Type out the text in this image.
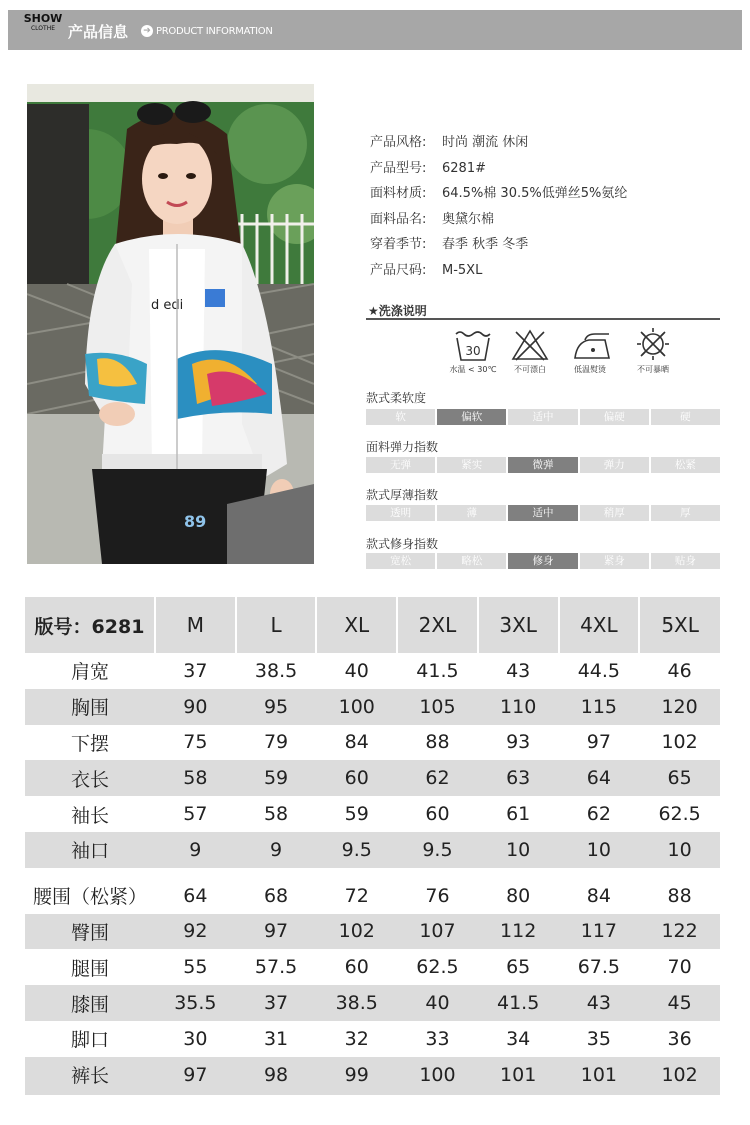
SHOW
CLOTHE 产品信息 ➔ PRODUCT INFORMATION
d edi
89
产品风格: 时尚 潮流 休闲
产品型号: 6281#
面料材质: 64.5%棉 30.5%低弹丝5%氨纶
面料品名: 奥黛尔棉
穿着季节: 春季 秋季 冬季
产品尺码: M-5XL
★洗涤说明
30
水温 < 30℃	不可漂白	低温熨烫	不可暴晒
款式柔软度
软	偏软	适中	偏硬	硬
面料弹力指数
无弹	紧实	微弹	弹力	松紧
款式厚薄指数
透明	薄	适中	稍厚	厚
款式修身指数
宽松	略松	修身	紧身	贴身
版号：6281	M	L	XL	2XL	3XL	4XL	5XL
肩宽	37	38.5	40	41.5	43	44.5	46
胸围	90	95	100	105	110	115	120
下摆	75	79	84	88	93	97	102
衣长	58	59	60	62	63	64	65
袖长	57	58	59	60	61	62	62.5
袖口	9	9	9.5	9.5	10	10	10
腰围（松紧）	64	68	72	76	80	84	88
臀围	92	97	102	107	112	117	122
腿围	55	57.5	60	62.5	65	67.5	70
膝围	35.5	37	38.5	40	41.5	43	45
脚口	30	31	32	33	34	35	36
裤长	97	98	99	100	101	101	102
